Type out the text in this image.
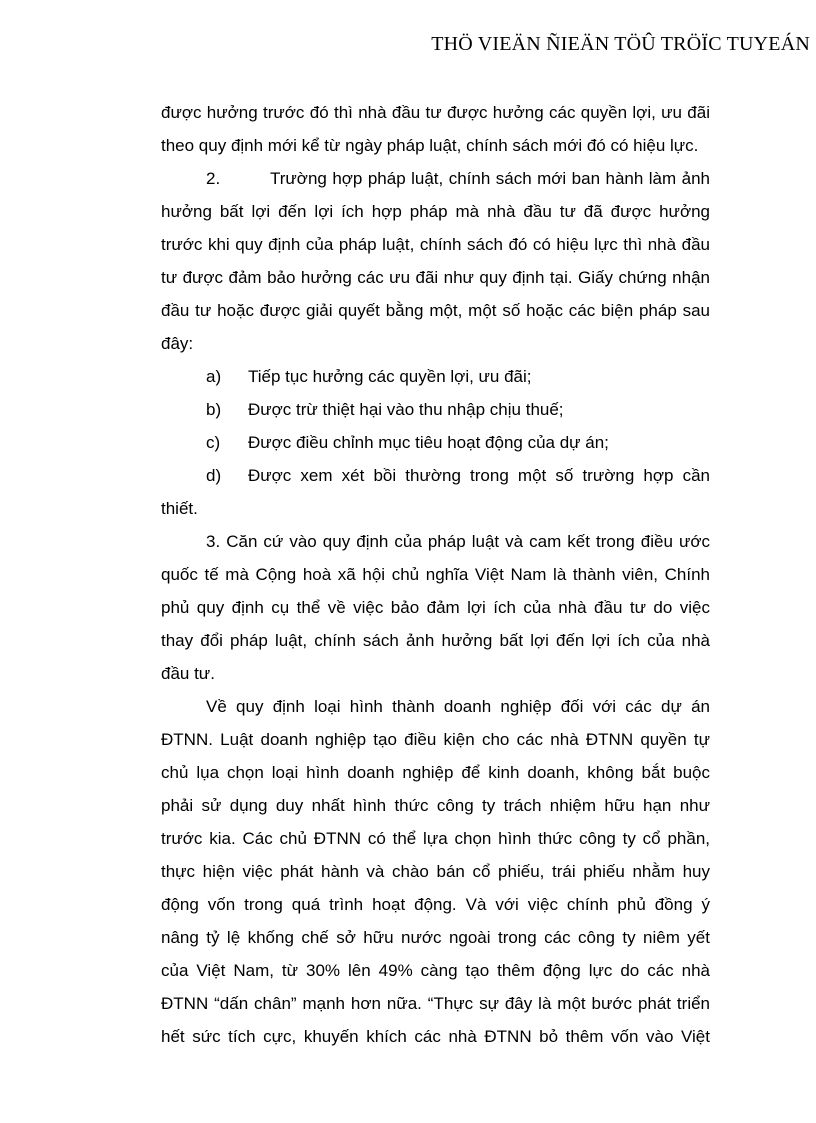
THÖ VIEÄN ÑIEÄN TÖÛ TRÖÏC TUYEÁN
được hưởng trước đó thì nhà đầu tư được hưởng các quyền lợi, ưu đãi
theo quy định mới kể từ ngày pháp luật, chính sách mới đó có hiệu lực.
2.	Trường hợp pháp luật, chính sách mới ban hành làm ảnh
hưởng bất lợi đến lợi ích hợp pháp mà nhà đầu tư đã được hưởng
trước khi quy định của pháp luật, chính sách đó có hiệu lực thì nhà đầu
tư được đảm bảo hưởng các ưu đãi như quy định tại. Giấy chứng nhận
đầu tư hoặc được giải quyết bằng một, một số hoặc các biện pháp sau
đây:
a) Tiếp tục hưởng các quyền lợi, ưu đãi;
b) Được trừ thiệt hại vào thu nhập chịu thuế;
c) Được điều chỉnh mục tiêu hoạt động của dự án;
d) Được xem xét bồi thường trong một số trường hợp cần
thiết.
3. Căn cứ vào quy định của pháp luật và cam kết trong điều ước
quốc tế mà Cộng hoà xã hội chủ nghĩa Việt Nam là thành viên, Chính
phủ quy định cụ thể về việc bảo đảm lợi ích của nhà đầu tư do việc
thay đổi pháp luật, chính sách ảnh hưởng bất lợi đến lợi ích của nhà
đầu tư.
Về quy định loại hình thành doanh nghiệp đối với các dự án
ĐTNN. Luật doanh nghiệp tạo điều kiện cho các nhà ĐTNN quyền tự
chủ lụa chọn loại hình doanh nghiệp để kinh doanh, không bắt buộc
phải sử dụng duy nhất hình thức công ty trách nhiệm hữu hạn như
trước kia. Các chủ ĐTNN có thể lựa chọn hình thức công ty cổ phần,
thực hiện việc phát hành và chào bán cổ phiếu, trái phiếu nhằm huy
động vốn trong quá trình hoạt động. Và với việc chính phủ đồng ý
nâng tỷ lệ khống chế sở hữu nước ngoài trong các công ty niêm yết
của Việt Nam, từ 30% lên 49% càng tạo thêm động lực do các nhà
ĐTNN “dấn chân” mạnh hơn nữa. “Thực sự đây là một bước phát triển
hết sức tích cực, khuyến khích các nhà ĐTNN bỏ thêm vốn vào Việt
